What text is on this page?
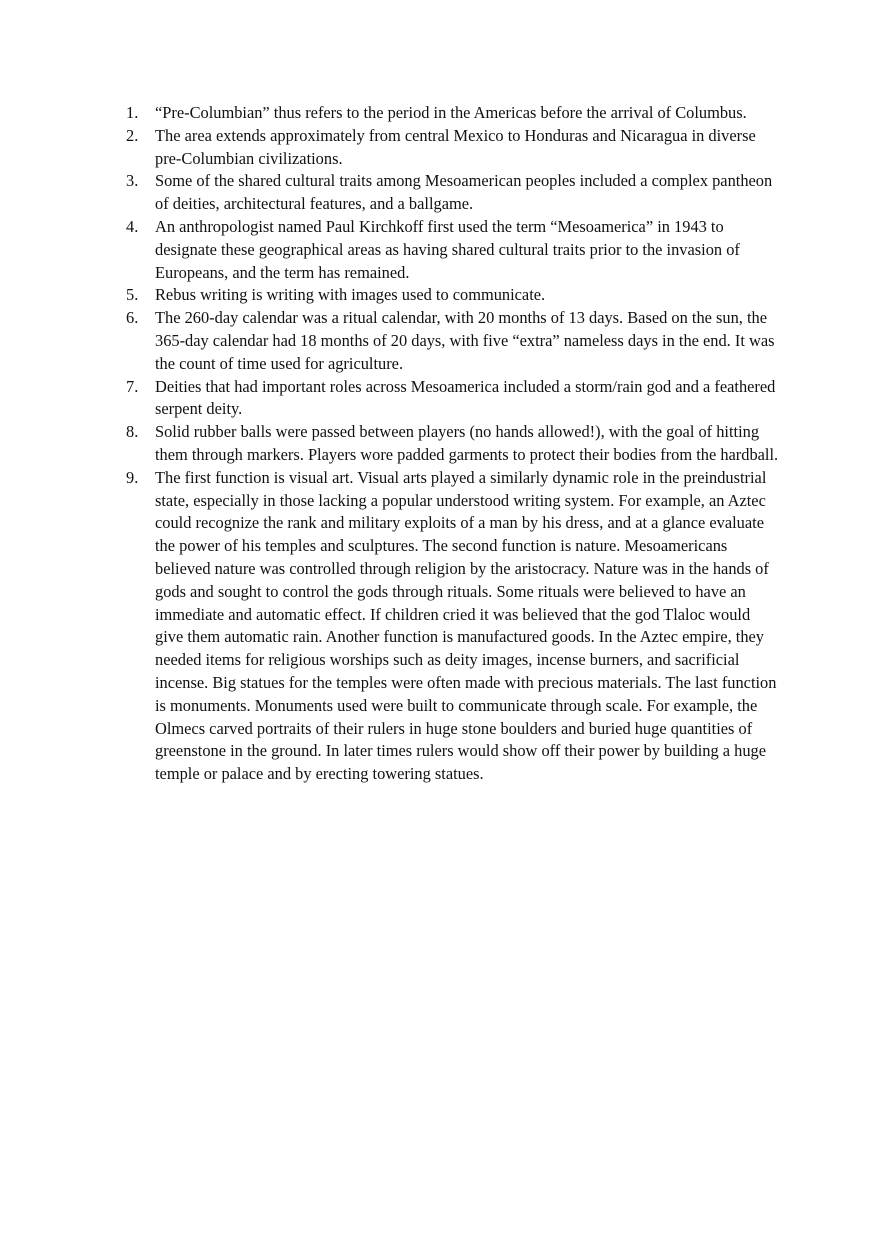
1.	“Pre-Columbian” thus refers to the period in the Americas before the arrival of Columbus.
2.	The area extends approximately from central Mexico to Honduras and Nicaragua in diverse pre-Columbian civilizations.
3.	Some of the shared cultural traits among Mesoamerican peoples included a complex pantheon of deities, architectural features, and a ballgame.
4.	An anthropologist named Paul Kirchkoff first used the term “Mesoamerica” in 1943 to designate these geographical areas as having shared cultural traits prior to the invasion of Europeans, and the term has remained.
5.	Rebus writing is writing with images used to communicate.
6.	The 260-day calendar was a ritual calendar, with 20 months of 13 days. Based on the sun, the 365-day calendar had 18 months of 20 days, with five “extra” nameless days in the end. It was the count of time used for agriculture.
7.	Deities that had important roles across Mesoamerica included a storm/rain god and a feathered serpent deity.
8.	Solid rubber balls were passed between players (no hands allowed!), with the goal of hitting them through markers. Players wore padded garments to protect their bodies from the hardball.
9.	The first function is visual art. Visual arts played a similarly dynamic role in the preindustrial state, especially in those lacking a popular understood writing system. For example, an Aztec could recognize the rank and military exploits of a man by his dress, and at a glance evaluate the power of his temples and sculptures. The second function is nature. Mesoamericans believed nature was controlled through religion by the aristocracy. Nature was in the hands of gods and sought to control the gods through rituals. Some rituals were believed to have an immediate and automatic effect. If children cried it was believed that the god Tlaloc would give them automatic rain. Another function is manufactured goods. In the Aztec empire, they needed items for religious worships such as deity images, incense burners, and sacrificial incense. Big statues for the temples were often made with precious materials. The last function is monuments. Monuments used were built to communicate through scale. For example, the Olmecs carved portraits of their rulers in huge stone boulders and buried huge quantities of greenstone in the ground. In later times rulers would show off their power by building a huge temple or palace and by erecting towering statues.
